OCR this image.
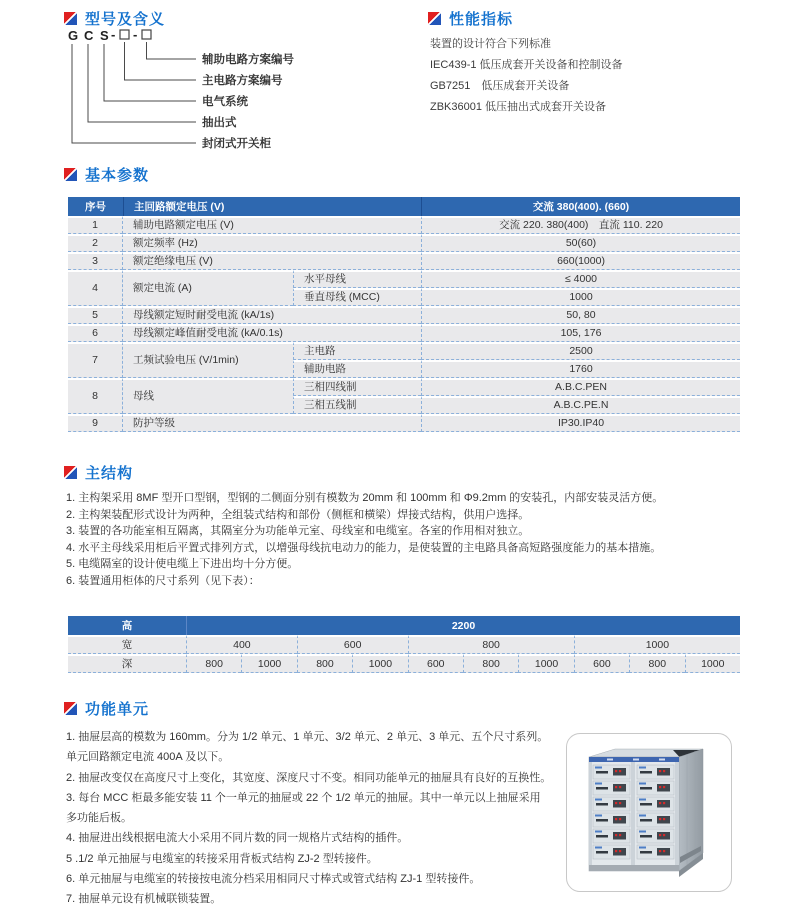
型号及含义
G C S - -
辅助电路方案编号
主电路方案编号
电气系统
抽出式
封闭式开关柜
性能指标
装置的设计符合下列标准
IEC439-1 低压成套开关设备和控制设备
GB7251　低压成套开关设备
ZBK36001 低压抽出式成套开关设备
基本参数
序号	主回路额定电压 (V)		交流 380(400). (660)
1	辅助电路额定电压 (V)		交流 220. 380(400)　直流 110. 220
2	额定频率 (Hz)		50(60)
3	额定绝缘电压 (V)		660(1000)
4	额定电流 (A)	水平母线	≤ 4000
		垂直母线 (MCC)	1000
5	母线额定短时耐受电流 (kA/1s)		50, 80
6	母线额定峰值耐受电流 (kA/0.1s)		105, 176
7	工频试验电压 (V/1min)	主电路	2500
		辅助电路	1760
8	母线	三相四线制	A.B.C.PEN
		三相五线制	A.B.C.PE.N
9	防护等级		IP30.IP40
主结构
1. 主构架采用 8MF 型开口型钢，型钢的二侧面分别有模数为 20mm 和 100mm 和 Φ9.2mm 的安装孔，内部安装灵活方便。
2. 主构架装配形式设计为两种，全组装式结构和部份（侧框和横梁）焊接式结构，供用户选择。
3. 装置的各功能室相互隔离，其隔室分为功能单元室、母线室和电缆室。各室的作用相对独立。
4. 水平主母线采用柜后平置式排列方式，以增强母线抗电动力的能力，是使装置的主电路具备高短路强度能力的基本措施。
5. 电缆隔室的设计使电缆上下进出均十分方便。
6. 装置通用柜体的尺寸系列（见下表）：
高	2200									
宽	400		600		800			1000		
深	800	1000	800	1000	600	800	1000	600	800	1000
功能单元
1. 抽屉层高的模数为 160mm。分为 1/2 单元、1 单元、3/2 单元、2 单元、3 单元、五个尺寸系列。
单元回路额定电流 400A 及以下。
2. 抽屉改变仅在高度尺寸上变化，其宽度、深度尺寸不变。相同功能单元的抽屉具有良好的互换性。
3. 每台 MCC 柜最多能安装 11 个一单元的抽屉或 22 个 1/2 单元的抽屉。其中一单元以上抽屉采用
多功能后板。
4. 抽屉进出线根据电流大小采用不同片数的同一规格片式结构的插件。
5 .1/2 单元抽屉与电缆室的转接采用背板式结构 ZJ-2 型转接件。
6. 单元抽屉与电缆室的转接按电流分档采用相同尺寸棒式或管式结构 ZJ-1 型转接件。
7. 抽屉单元设有机械联锁装置。
